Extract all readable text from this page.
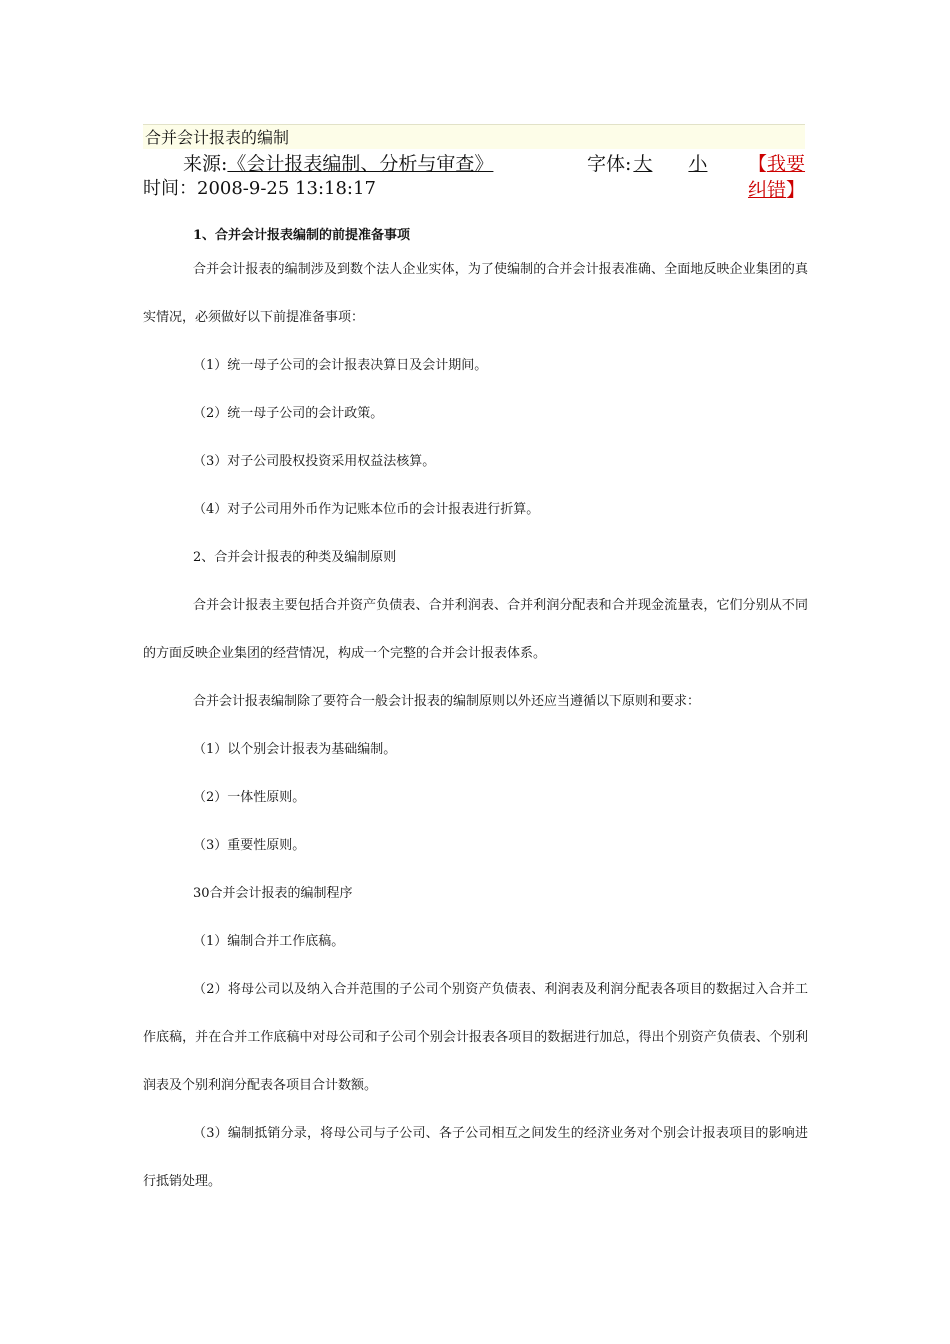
合并会计报表的编制
来源:《会计报表编制、分析与审查》	字体: 大 小 【我要纠错】
时间：2008-9-25 13:18:17
1、合并会计报表编制的前提准备事项
合并会计报表的编制涉及到数个法人企业实体，为了使编制的合并会计报表准确、全面地反映企业集团的真实情况，必须做好以下前提准备事项：
（1）统一母子公司的会计报表决算日及会计期间。
（2）统一母子公司的会计政策。
（3）对子公司股权投资采用权益法核算。
（4）对子公司用外币作为记账本位币的会计报表进行折算。
2、合并会计报表的种类及编制原则
合并会计报表主要包括合并资产负债表、合并利润表、合并利润分配表和合并现金流量表，它们分别从不同的方面反映企业集团的经营情况，构成一个完整的合并会计报表体系。
合并会计报表编制除了要符合一般会计报表的编制原则以外还应当遵循以下原则和要求：
（1）以个别会计报表为基础编制。
（2）一体性原则。
（3）重要性原则。
30合并会计报表的编制程序
（1）编制合并工作底稿。
（2）将母公司以及纳入合并范围的子公司个别资产负债表、利润表及利润分配表各项目的数据过入合并工作底稿，并在合并工作底稿中对母公司和子公司个别会计报表各项目的数据进行加总，得出个别资产负债表、个别利润表及个别利润分配表各项目合计数额。
（3）编制抵销分录，将母公司与子公司、各子公司相互之间发生的经济业务对个别会计报表项目的影响进行抵销处理。
